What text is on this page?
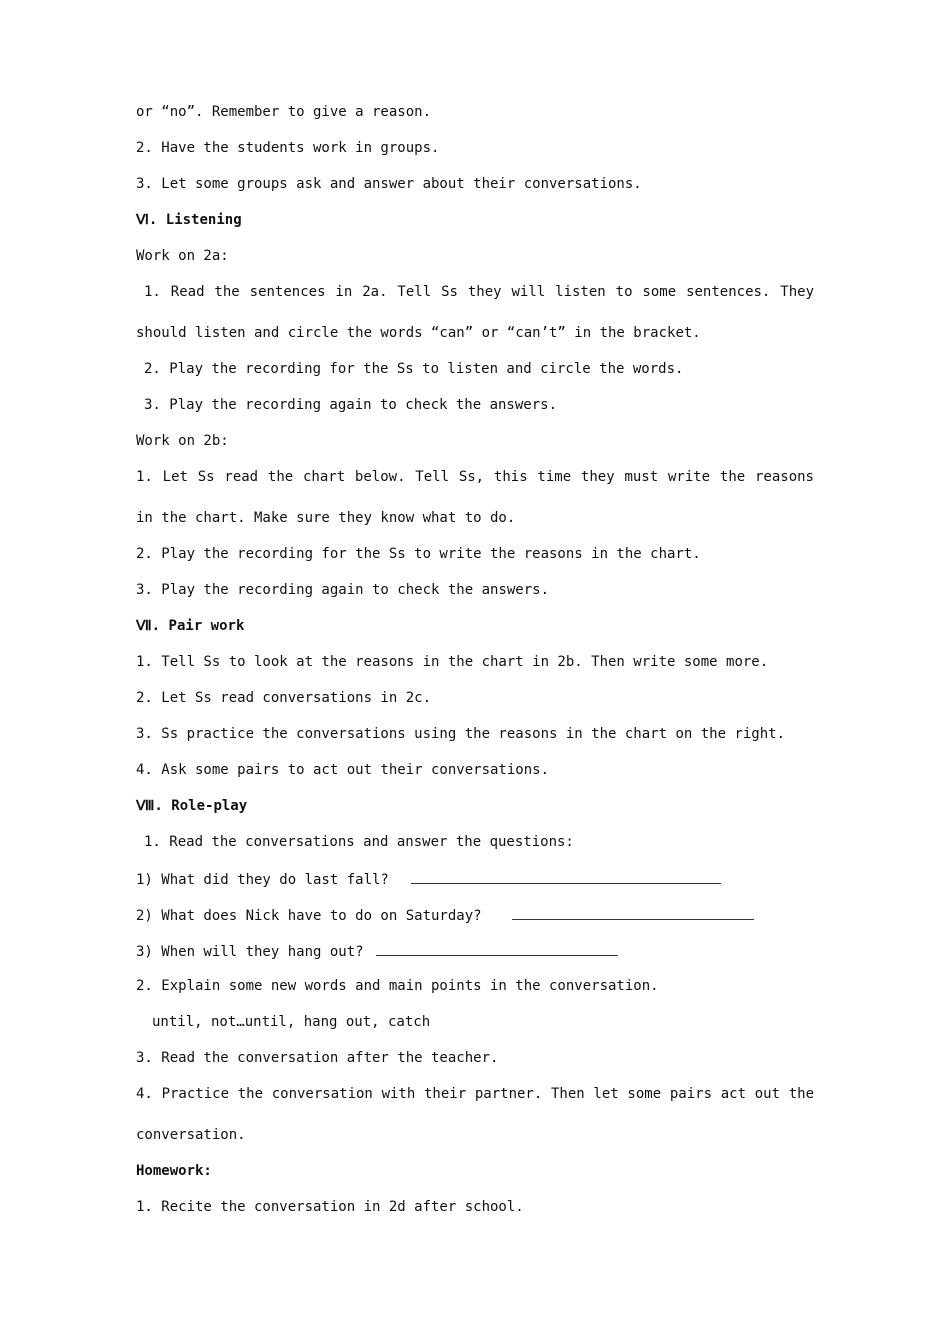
or “no”. Remember to give a reason.
2. Have the students work in groups.
3. Let some groups ask and answer about their conversations.
Ⅵ. Listening
Work on 2a:
1. Read the sentences in 2a. Tell Ss they will listen to some sentences. They
should listen and circle the words “can” or “can’t” in the bracket.
2. Play the recording for the Ss to listen and circle the words.
3. Play the recording again to check the answers.
Work on 2b:
1. Let Ss read the chart below. Tell Ss, this time they must write the reasons
in the chart. Make sure they know what to do.
2. Play the recording for the Ss to write the reasons in the chart.
3. Play the recording again to check the answers.
Ⅶ. Pair work
1. Tell Ss to look at the reasons in the chart in 2b. Then write some more.
2. Let Ss read conversations in 2c.
3. Ss practice the conversations using the reasons in the chart on the right.
4. Ask some pairs to act out their conversations.
Ⅷ. Role-play
1. Read the conversations and answer the questions:
1) What did they do last fall?
2) What does Nick have to do on Saturday?
3) When will they hang out?
2. Explain some new words and main points in the conversation.
until, not…until, hang out, catch
3. Read the conversation after the teacher.
4. Practice the conversation with their partner. Then let some pairs act out the
conversation.
Homework:
1. Recite the conversation in 2d after school.
